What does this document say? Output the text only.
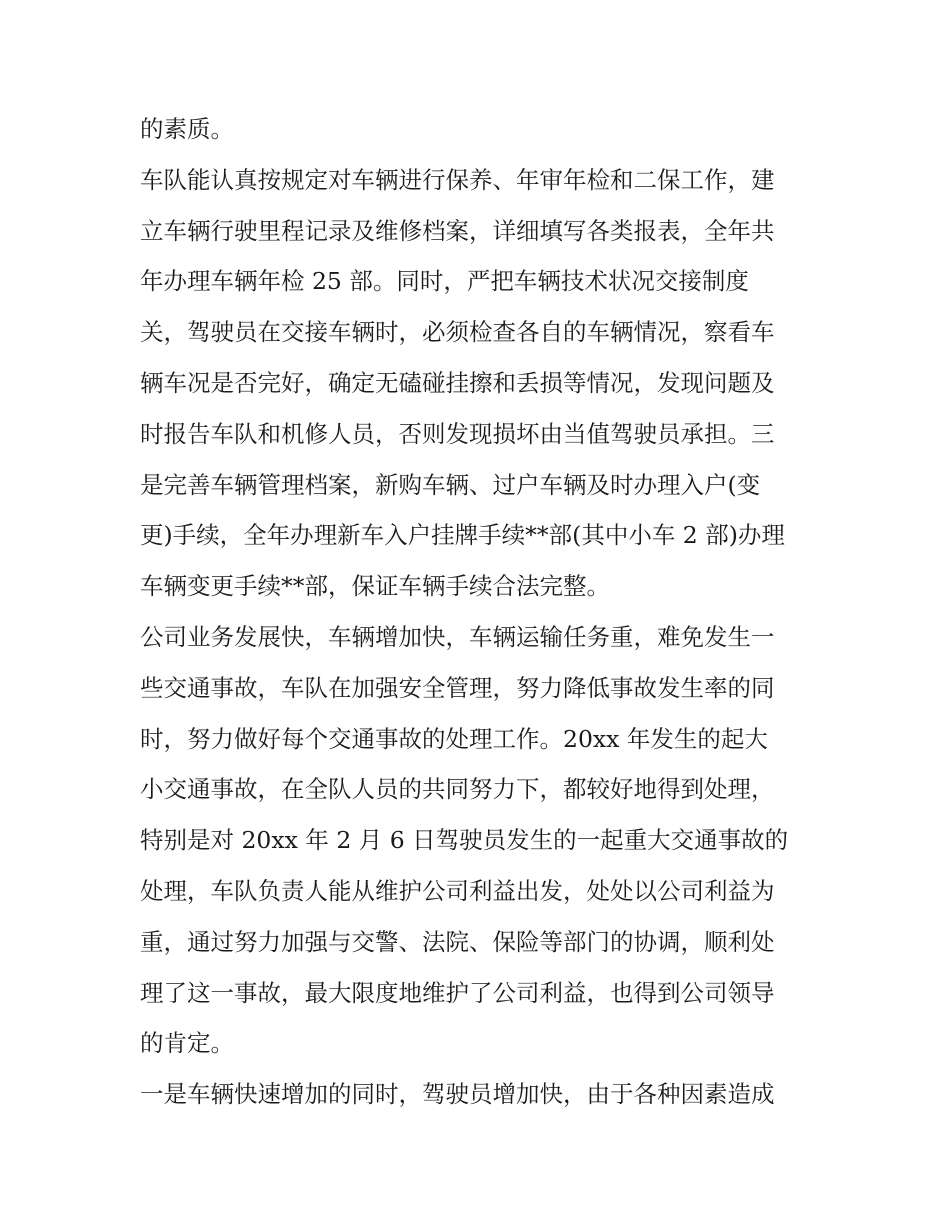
的素质。
车队能认真按规定对车辆进行保养、年审年检和二保工作，建
立车辆行驶里程记录及维修档案，详细填写各类报表，全年共
年办理车辆年检 25 部。同时，严把车辆技术状况交接制度
关，驾驶员在交接车辆时，必须检查各自的车辆情况，察看车
辆车况是否完好，确定无磕碰挂擦和丢损等情况，发现问题及
时报告车队和机修人员，否则发现损坏由当值驾驶员承担。三
是完善车辆管理档案，新购车辆、过户车辆及时办理入户(变
更)手续，全年办理新车入户挂牌手续**部(其中小车 2 部)办理
车辆变更手续**部，保证车辆手续合法完整。
公司业务发展快，车辆增加快，车辆运输任务重，难免发生一
些交通事故，车队在加强安全管理，努力降低事故发生率的同
时，努力做好每个交通事故的处理工作。20xx 年发生的起大
小交通事故，在全队人员的共同努力下，都较好地得到处理，
特别是对 20xx 年 2 月 6 日驾驶员发生的一起重大交通事故的
处理，车队负责人能从维护公司利益出发，处处以公司利益为
重，通过努力加强与交警、法院、保险等部门的协调，顺利处
理了这一事故，最大限度地维护了公司利益，也得到公司领导
的肯定。
一是车辆快速增加的同时，驾驶员增加快，由于各种因素造成
